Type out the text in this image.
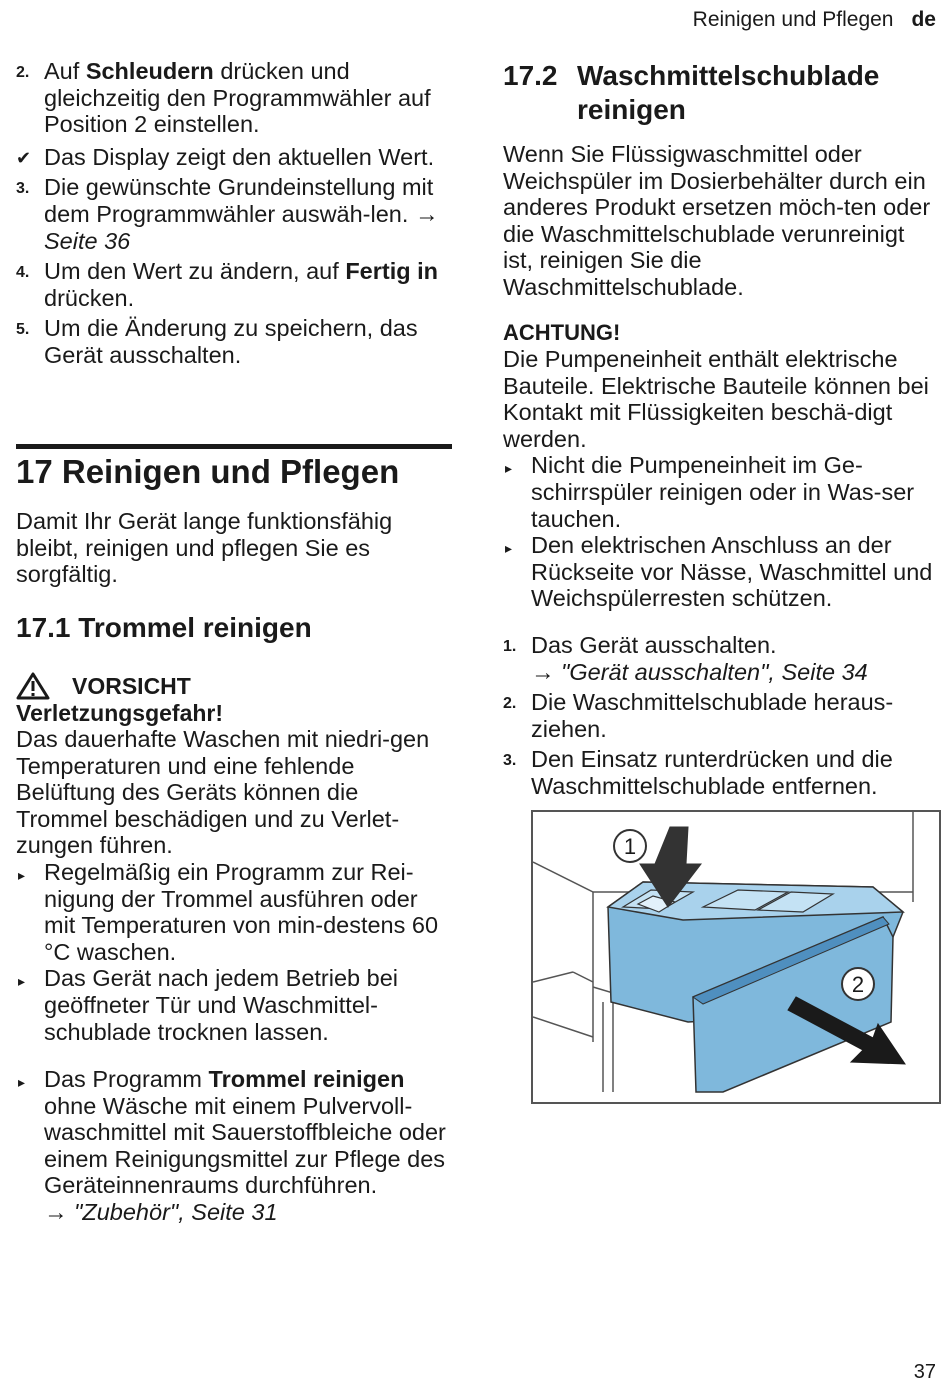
Reinigen und Pflegen de
2. Auf Schleudern drücken und gleichzeitig den Programmwähler auf Position 2 einstellen.
✔ Das Display zeigt den aktuellen Wert.
3. Die gewünschte Grundeinstellung mit dem Programmwähler auswäh-len. → Seite 36
4. Um den Wert zu ändern, auf Fertig in drücken.
5. Um die Änderung zu speichern, das Gerät ausschalten.
17 Reinigen und Pflegen
Damit Ihr Gerät lange funktionsfähig bleibt, reinigen und pflegen Sie es sorgfältig.
17.1 Trommel reinigen
VORSICHT
Verletzungsgefahr!
Das dauerhafte Waschen mit niedri-gen Temperaturen und eine fehlende Belüftung des Geräts können die Trommel beschädigen und zu Verlet-zungen führen.
▸ Regelmäßig ein Programm zur Rei-nigung der Trommel ausführen oder mit Temperaturen von min-destens 60 °C waschen.
▸ Das Gerät nach jedem Betrieb bei geöffneter Tür und Waschmittel-schublade trocknen lassen.
▸ Das Programm Trommel reinigen ohne Wäsche mit einem Pulvervoll-waschmittel mit Sauerstoffbleiche oder einem Reinigungsmittel zur Pflege des Geräteinnenraums durchführen.
→ "Zubehör", Seite 31
17.2 Waschmittelschublade
reinigen
Wenn Sie Flüssigwaschmittel oder Weichspüler im Dosierbehälter durch ein anderes Produkt ersetzen möch-ten oder die Waschmittelschublade verunreinigt ist, reinigen Sie die Waschmittelschublade.
ACHTUNG!
Die Pumpeneinheit enthält elektrische Bauteile. Elektrische Bauteile können bei Kontakt mit Flüssigkeiten beschä-digt werden.
▸ Nicht die Pumpeneinheit im Ge-schirrspüler reinigen oder in Was-ser tauchen.
▸ Den elektrischen Anschluss an der Rückseite vor Nässe, Waschmittel und Weichspülerresten schützen.
1. Das Gerät ausschalten.
→ "Gerät ausschalten", Seite 34
2. Die Waschmittelschublade heraus-ziehen.
3. Den Einsatz runterdrücken und die Waschmittelschublade entfernen.
1
2
37
